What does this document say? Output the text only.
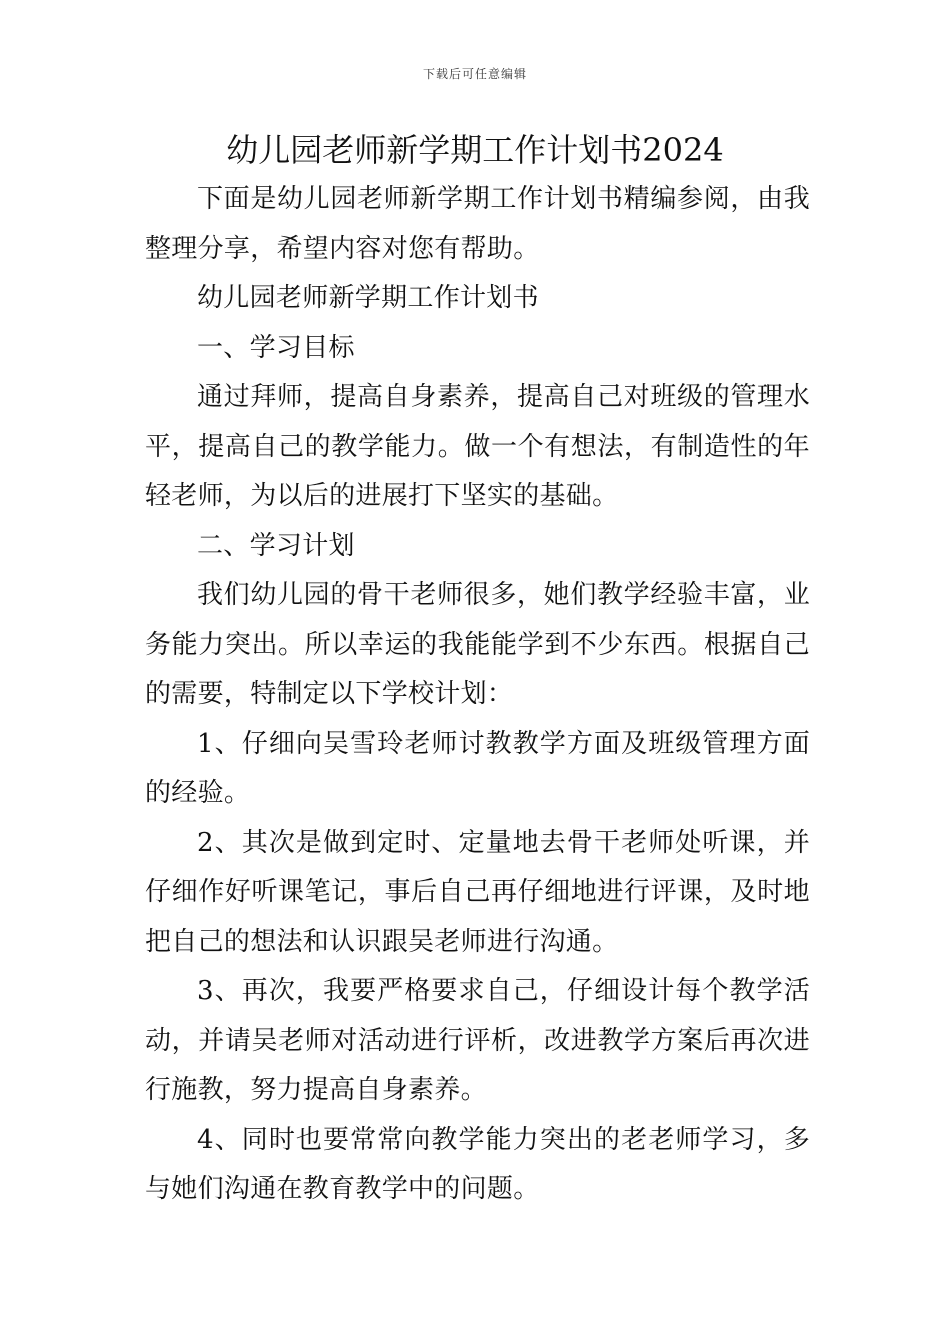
下载后可任意编辑
幼儿园老师新学期工作计划书2024

下面是幼儿园老师新学期工作计划书精编参阅，由我整理分享，希望内容对您有帮助。

幼儿园老师新学期工作计划书

一、学习目标

通过拜师，提高自身素养，提高自己对班级的管理水平，提高自己的教学能力。做一个有想法，有制造性的年轻老师，为以后的进展打下坚实的基础。

二、学习计划

我们幼儿园的骨干老师很多，她们教学经验丰富，业务能力突出。所以幸运的我能能学到不少东西。根据自己的需要，特制定以下学校计划：

1、仔细向吴雪玲老师讨教教学方面及班级管理方面的经验。

2、其次是做到定时、定量地去骨干老师处听课，并仔细作好听课笔记，事后自己再仔细地进行评课，及时地把自己的想法和认识跟吴老师进行沟通。

3、再次，我要严格要求自己，仔细设计每个教学活动，并请吴老师对活动进行评析，改进教学方案后再次进行施教，努力提高自身素养。

4、同时也要常常向教学能力突出的老老师学习，多与她们沟通在教育教学中的问题。
